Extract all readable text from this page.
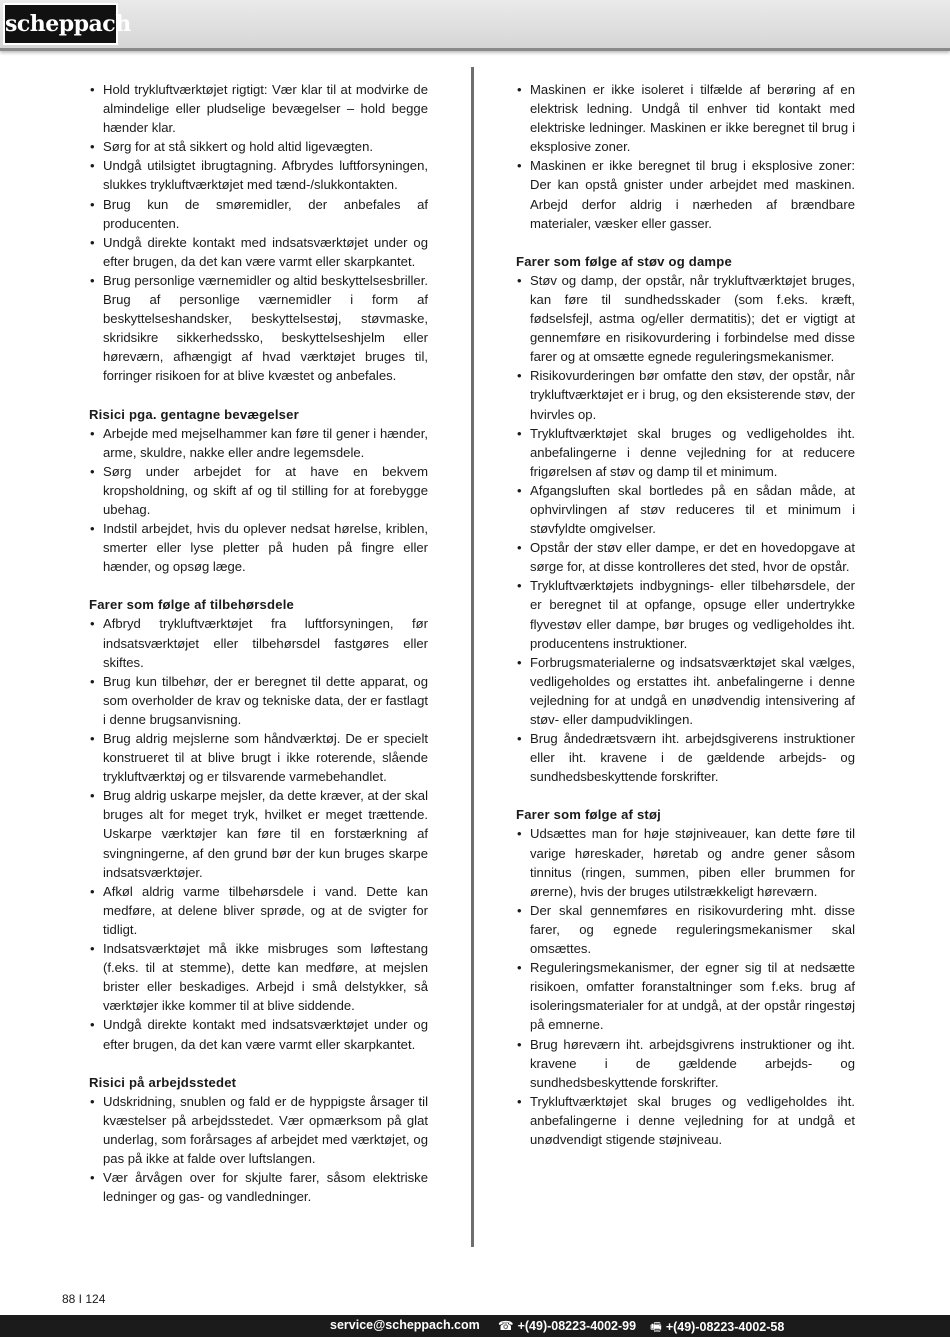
scheppach
• Hold trykluftværktøjet rigtigt: Vær klar til at modvirke de almindelige eller pludselige bevægelser – hold begge hænder klar.
• Sørg for at stå sikkert og hold altid ligevægten.
• Undgå utilsigtet ibrugtagning. Afbrydes luftforsyningen, slukkes trykluftværktøjet med tænd-/slukkontakten.
• Brug kun de smøremidler, der anbefales af producenten.
• Undgå direkte kontakt med indsatsværktøjet under og efter brugen, da det kan være varmt eller skarpkantet.
• Brug personlige værnemidler og altid beskyttelsesbriller. Brug af personlige værnemidler i form af beskyttelseshandsker, beskyttelsestøj, støvmaske, skridsikre sikkerhedssko, beskyttelseshjelm eller høreværn, afhængigt af hvad værktøjet bruges til, forringer risikoen for at blive kvæstet og anbefales.
Risici pga. gentagne bevægelser
• Arbejde med mejselhammer kan føre til gener i hænder, arme, skuldre, nakke eller andre legemsdele.
• Sørg under arbejdet for at have en bekvem kropsholdning, og skift af og til stilling for at forebygge ubehag.
• Indstil arbejdet, hvis du oplever nedsat hørelse, kriblen, smerter eller lyse pletter på huden på fingre eller hænder, og opsøg læge.
Farer som følge af tilbehørsdele
• Afbryd trykluftværktøjet fra luftforsyningen, før indsatsværktøjet eller tilbehørsdel fastgøres eller skiftes.
• Brug kun tilbehør, der er beregnet til dette apparat, og som overholder de krav og tekniske data, der er fastlagt i denne brugsanvisning.
• Brug aldrig mejslerne som håndværktøj. De er specielt konstrueret til at blive brugt i ikke roterende, slående trykluftværktøj og er tilsvarende varmebehandlet.
• Brug aldrig uskarpe mejsler, da dette kræver, at der skal bruges alt for meget tryk, hvilket er meget trættende. Uskarpe værktøjer kan føre til en forstærkning af svingningerne, af den grund bør der kun bruges skarpe indsatsværktøjer.
• Afkøl aldrig varme tilbehørsdele i vand. Dette kan medføre, at delene bliver sprøde, og at de svigter for tidligt.
• Indsatsværktøjet må ikke misbruges som løftestang (f.eks. til at stemme), dette kan medføre, at mejslen brister eller beskadiges. Arbejd i små delstykker, så værktøjer ikke kommer til at blive siddende.
• Undgå direkte kontakt med indsatsværktøjet under og efter brugen, da det kan være varmt eller skarpkantet.
Risici på arbejdsstedet
• Udskridning, snublen og fald er de hyppigste årsager til kvæstelser på arbejdsstedet. Vær opmærksom på glat underlag, som forårsages af arbejdet med værktøjet, og pas på ikke at falde over luftslangen.
• Vær årvågen over for skjulte farer, såsom elektriske ledninger og gas- og vandledninger.
• Maskinen er ikke isoleret i tilfælde af berøring af en elektrisk ledning. Undgå til enhver tid kontakt med elektriske ledninger. Maskinen er ikke beregnet til brug i eksplosive zoner.
• Maskinen er ikke beregnet til brug i eksplosive zoner: Der kan opstå gnister under arbejdet med maskinen. Arbejd derfor aldrig i nærheden af brændbare materialer, væsker eller gasser.
Farer som følge af støv og dampe
• Støv og damp, der opstår, når trykluftværktøjet bruges, kan føre til sundhedsskader (som f.eks. kræft, fødselsfejl, astma og/eller dermatitis); det er vigtigt at gennemføre en risikovurdering i forbindelse med disse farer og at omsætte egnede reguleringsmekanismer.
• Risikovurderingen bør omfatte den støv, der opstår, når trykluftværktøjet er i brug, og den eksisterende støv, der hvirvles op.
• Trykluftværktøjet skal bruges og vedligeholdes iht. anbefalingerne i denne vejledning for at reducere frigørelsen af støv og damp til et minimum.
• Afgangsluften skal bortledes på en sådan måde, at ophvirvlingen af støv reduceres til et minimum i støvfyldte omgivelser.
• Opstår der støv eller dampe, er det en hovedopgave at sørge for, at disse kontrolleres det sted, hvor de opstår.
• Trykluftværktøjets indbygnings- eller tilbehørsdele, der er beregnet til at opfange, opsuge eller undertrykke flyvestøv eller dampe, bør bruges og vedligeholdes iht. producentens instruktioner.
• Forbrugsmaterialerne og indsatsværktøjet skal vælges, vedligeholdes og erstattes iht. anbefalingerne i denne vejledning for at undgå en unødvendig intensivering af støv- eller dampudviklingen.
• Brug åndedrætsværn iht. arbejdsgiverens instruktioner eller iht. kravene i de gældende arbejds- og sundhedsbeskyttende forskrifter.
Farer som følge af støj
• Udsættes man for høje støjniveauer, kan dette føre til varige høreskader, høretab og andre gener såsom tinnitus (ringen, summen, piben eller brummen for ørerne), hvis der bruges utilstrækkeligt høreværn.
• Der skal gennemføres en risikovurdering mht. disse farer, og egnede reguleringsmekanismer skal omsættes.
• Reguleringsmekanismer, der egner sig til at nedsætte risikoen, omfatter foranstaltninger som f.eks. brug af isoleringsmaterialer for at undgå, at der opstår ringestøj på emnerne.
• Brug høreværn iht. arbejdsgivrens instruktioner og iht. kravene i de gældende arbejds- og sundhedsbeskyttende forskrifter.
• Trykluftværktøjet skal bruges og vedligeholdes iht. anbefalingerne i denne vejledning for at undgå et unødvendigt stigende støjniveau.
88 I 124
service@scheppach.com ☎ +(49)-08223-4002-99 🖷 +(49)-08223-4002-58
